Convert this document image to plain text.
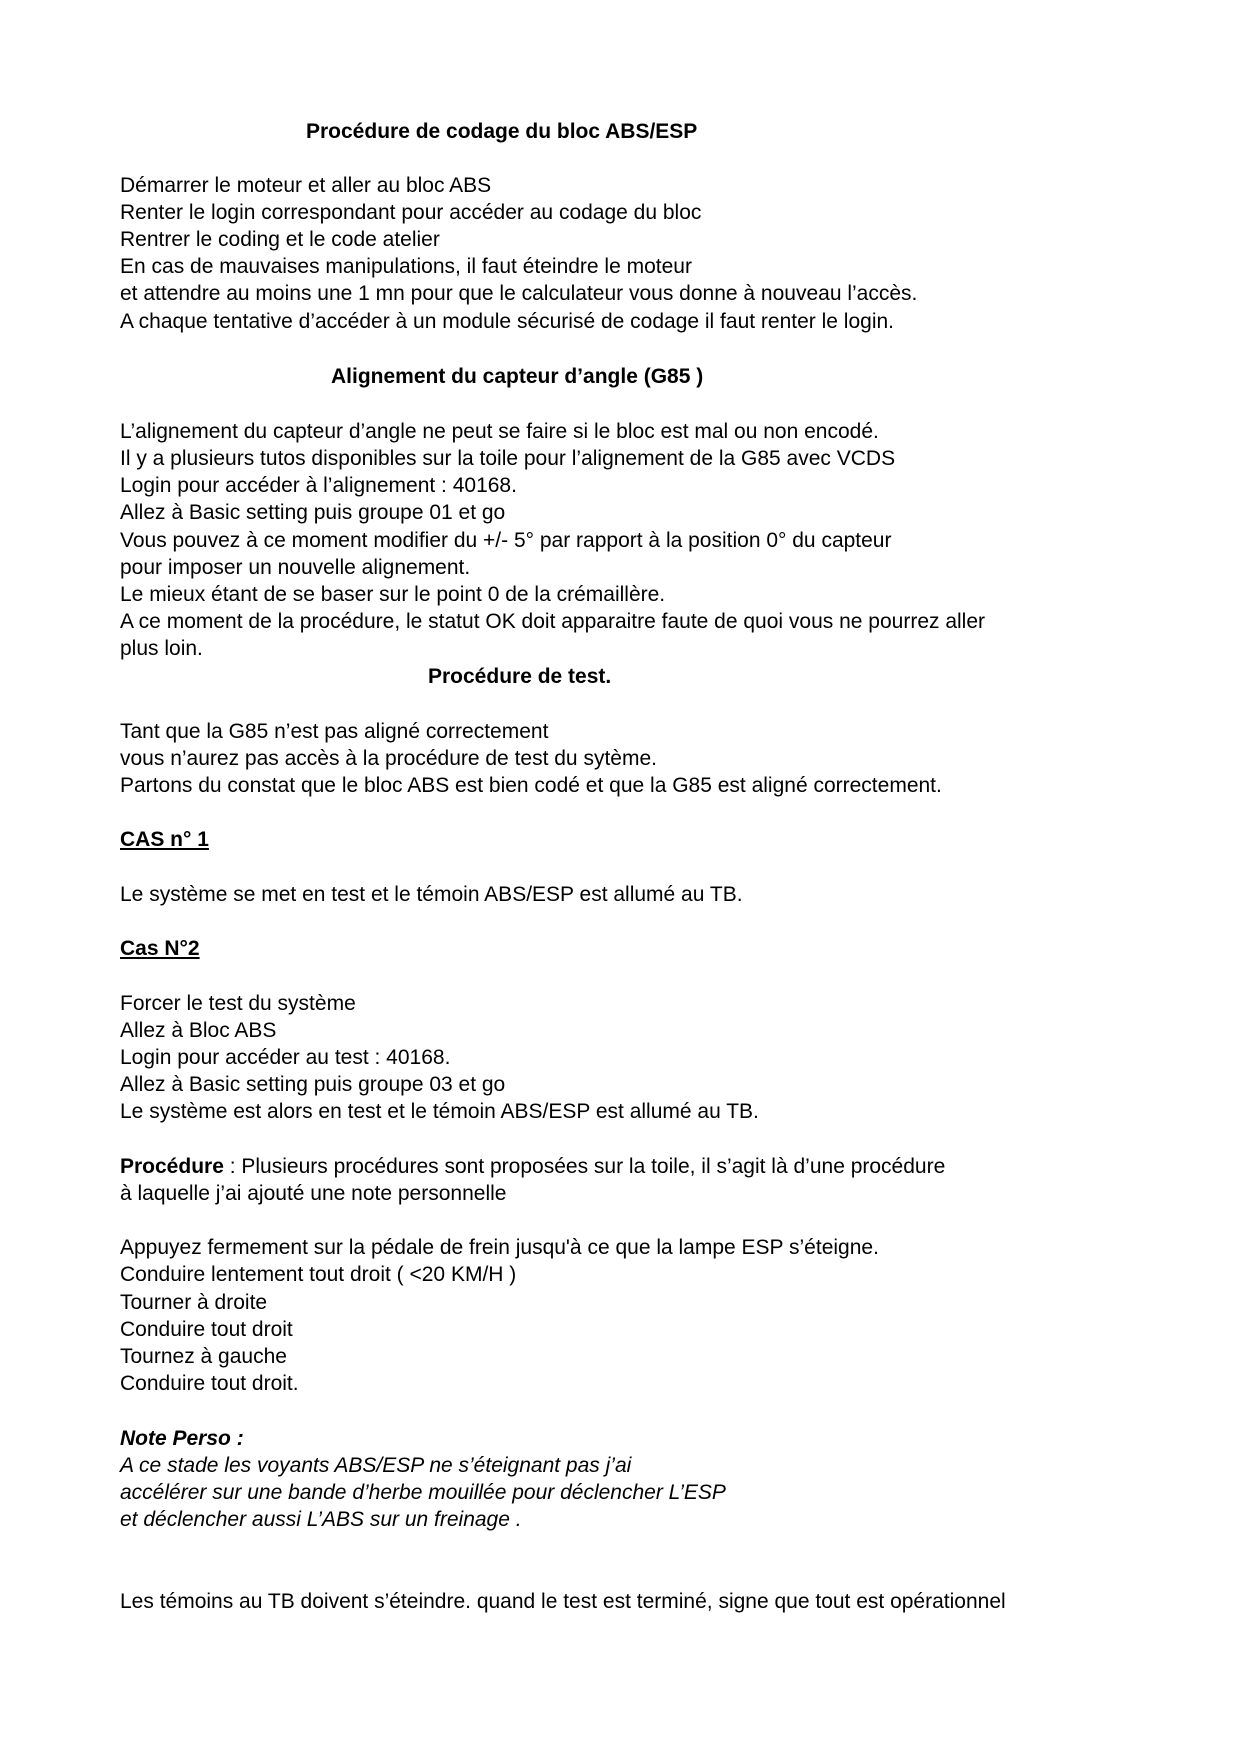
Procédure de codage du bloc ABS/ESP
Démarrer le moteur et aller au bloc ABS
Renter le login correspondant pour accéder au codage du bloc
Rentrer le coding et le code atelier
En cas de mauvaises manipulations, il faut éteindre le moteur
et attendre au moins une 1 mn pour que le calculateur vous donne à nouveau l’accès.
A chaque tentative d’accéder à un module sécurisé de codage il faut renter le login.
Alignement du capteur d’angle (G85 )
L’alignement du capteur d’angle ne peut se faire si le bloc est mal ou non encodé.
Il y a plusieurs tutos disponibles sur la toile pour l’alignement de la G85 avec VCDS
Login pour accéder à l’alignement : 40168.
Allez à Basic setting puis groupe 01 et go
Vous pouvez à ce moment modifier du +/- 5° par rapport à la position 0° du capteur
pour imposer un nouvelle alignement.
Le mieux étant de se baser sur le point 0 de la crémaillère.
A ce moment de la procédure, le statut OK doit apparaitre faute de quoi vous ne pourrez aller
plus loin.
Procédure de test.
Tant que la G85 n’est pas aligné correctement
vous n’aurez pas accès à la procédure de test du sytème.
Partons du constat que le bloc ABS est bien codé et que la G85 est aligné correctement.
CAS n° 1
Le système se met en test et le témoin ABS/ESP est allumé au TB.
Cas N°2
Forcer le test du système
Allez à Bloc ABS
Login pour accéder au test : 40168.
Allez à Basic setting puis groupe 03 et go
Le système est alors en test et le témoin ABS/ESP est allumé au TB.
Procédure : Plusieurs procédures sont proposées sur la toile, il s’agit là d’une procédure
à laquelle j’ai ajouté une note personnelle
Appuyez fermement sur la pédale de frein jusqu'à ce que la lampe ESP s’éteigne.
Conduire lentement tout droit ( <20 KM/H )
Tourner à droite
Conduire tout droit
Tournez à gauche
Conduire tout droit.
Note Perso :
A ce stade les voyants ABS/ESP ne s’éteignant pas j’ai
accélérer sur une bande d’herbe mouillée pour déclencher L’ESP
et déclencher aussi L’ABS sur un freinage .
Les témoins au TB doivent s’éteindre. quand le test est terminé, signe que tout est opérationnel
